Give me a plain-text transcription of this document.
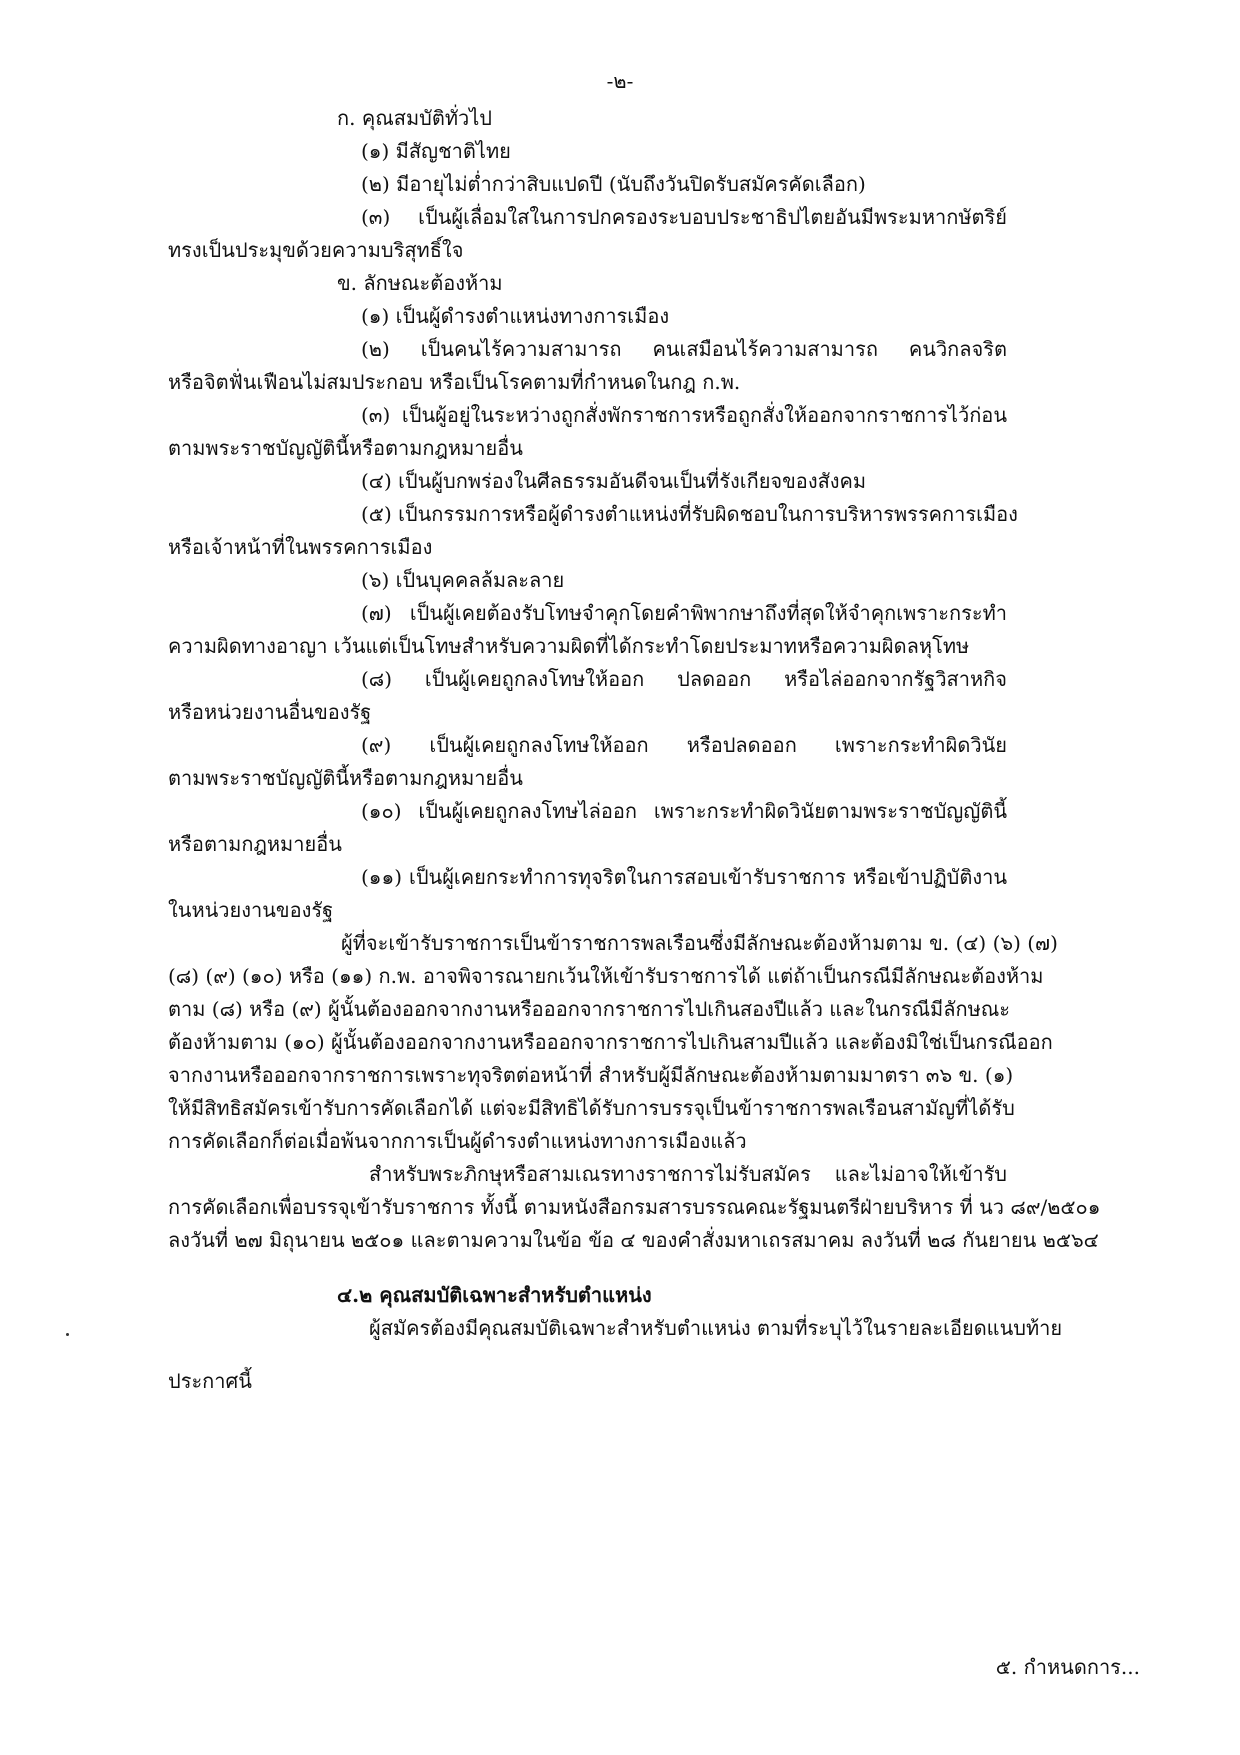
-๒-

ก. คุณสมบัติทั่วไป

(๑) มีสัญชาติไทย

(๒) มีอายุไม่ต่ำกว่าสิบแปดปี (นับถึงวันปิดรับสมัครคัดเลือก)

(๓) เป็นผู้เลื่อมใสในการปกครองระบอบประชาธิปไตยอันมีพระมหากษัตริย์

ทรงเป็นประมุขด้วยความบริสุทธิ์ใจ

ข. ลักษณะต้องห้าม

(๑) เป็นผู้ดำรงตำแหน่งทางการเมือง

(๒) เป็นคนไร้ความสามารถ คนเสมือนไร้ความสามารถ คนวิกลจริต

หรือจิตฟั่นเฟือนไม่สมประกอบ หรือเป็นโรคตามที่กำหนดในกฎ ก.พ.

(๓) เป็นผู้อยู่ในระหว่างถูกสั่งพักราชการหรือถูกสั่งให้ออกจากราชการไว้ก่อน

ตามพระราชบัญญัตินี้หรือตามกฎหมายอื่น

(๔) เป็นผู้บกพร่องในศีลธรรมอันดีจนเป็นที่รังเกียจของสังคม

(๕) เป็นกรรมการหรือผู้ดำรงตำแหน่งที่รับผิดชอบในการบริหารพรรคการเมือง

หรือเจ้าหน้าที่ในพรรคการเมือง

(๖) เป็นบุคคลล้มละลาย

(๗) เป็นผู้เคยต้องรับโทษจำคุกโดยคำพิพากษาถึงที่สุดให้จำคุกเพราะกระทำ

ความผิดทางอาญา เว้นแต่เป็นโทษสำหรับความผิดที่ได้กระทำโดยประมาทหรือความผิดลหุโทษ

(๘) เป็นผู้เคยถูกลงโทษให้ออก ปลดออก หรือไล่ออกจากรัฐวิสาหกิจ

หรือหน่วยงานอื่นของรัฐ

(๙) เป็นผู้เคยถูกลงโทษให้ออก หรือปลดออก เพราะกระทำผิดวินัย

ตามพระราชบัญญัตินี้หรือตามกฎหมายอื่น

(๑๐) เป็นผู้เคยถูกลงโทษไล่ออก เพราะกระทำผิดวินัยตามพระราชบัญญัตินี้

หรือตามกฎหมายอื่น

(๑๑) เป็นผู้เคยกระทำการทุจริตในการสอบเข้ารับราชการ หรือเข้าปฏิบัติงาน

ในหน่วยงานของรัฐ

ผู้ที่จะเข้ารับราชการเป็นข้าราชการพลเรือนซึ่งมีลักษณะต้องห้ามตาม ข. (๔) (๖) (๗)

(๘) (๙) (๑๐) หรือ (๑๑) ก.พ. อาจพิจารณายกเว้นให้เข้ารับราชการได้ แต่ถ้าเป็นกรณีมีลักษณะต้องห้าม

ตาม (๘) หรือ (๙) ผู้นั้นต้องออกจากงานหรือออกจากราชการไปเกินสองปีแล้ว และในกรณีมีลักษณะ

ต้องห้ามตาม (๑๐) ผู้นั้นต้องออกจากงานหรือออกจากราชการไปเกินสามปีแล้ว และต้องมิใช่เป็นกรณีออก

จากงานหรือออกจากราชการเพราะทุจริตต่อหน้าที่ สำหรับผู้มีลักษณะต้องห้ามตามมาตรา ๓๖ ข. (๑)

ให้มีสิทธิสมัครเข้ารับการคัดเลือกได้ แต่จะมีสิทธิได้รับการบรรจุเป็นข้าราชการพลเรือนสามัญที่ได้รับ

การคัดเลือกก็ต่อเมื่อพ้นจากการเป็นผู้ดำรงตำแหน่งทางการเมืองแล้ว

สำหรับพระภิกษุหรือสามเณรทางราชการไม่รับสมัคร และไม่อาจให้เข้ารับ

การคัดเลือกเพื่อบรรจุเข้ารับราชการ ทั้งนี้ ตามหนังสือกรมสารบรรณคณะรัฐมนตรีฝ่ายบริหาร ที่ นว ๘๙/๒๕๐๑

ลงวันที่ ๒๗ มิถุนายน ๒๕๐๑ และตามความในข้อ ข้อ ๔ ของคำสั่งมหาเถรสมาคม ลงวันที่ ๒๘ กันยายน ๒๕๖๔

๔.๒ คุณสมบัติเฉพาะสำหรับตำแหน่ง

ผู้สมัครต้องมีคุณสมบัติเฉพาะสำหรับตำแหน่ง ตามที่ระบุไว้ในรายละเอียดแนบท้าย

ประกาศนี้

๕. กำหนดการ...
